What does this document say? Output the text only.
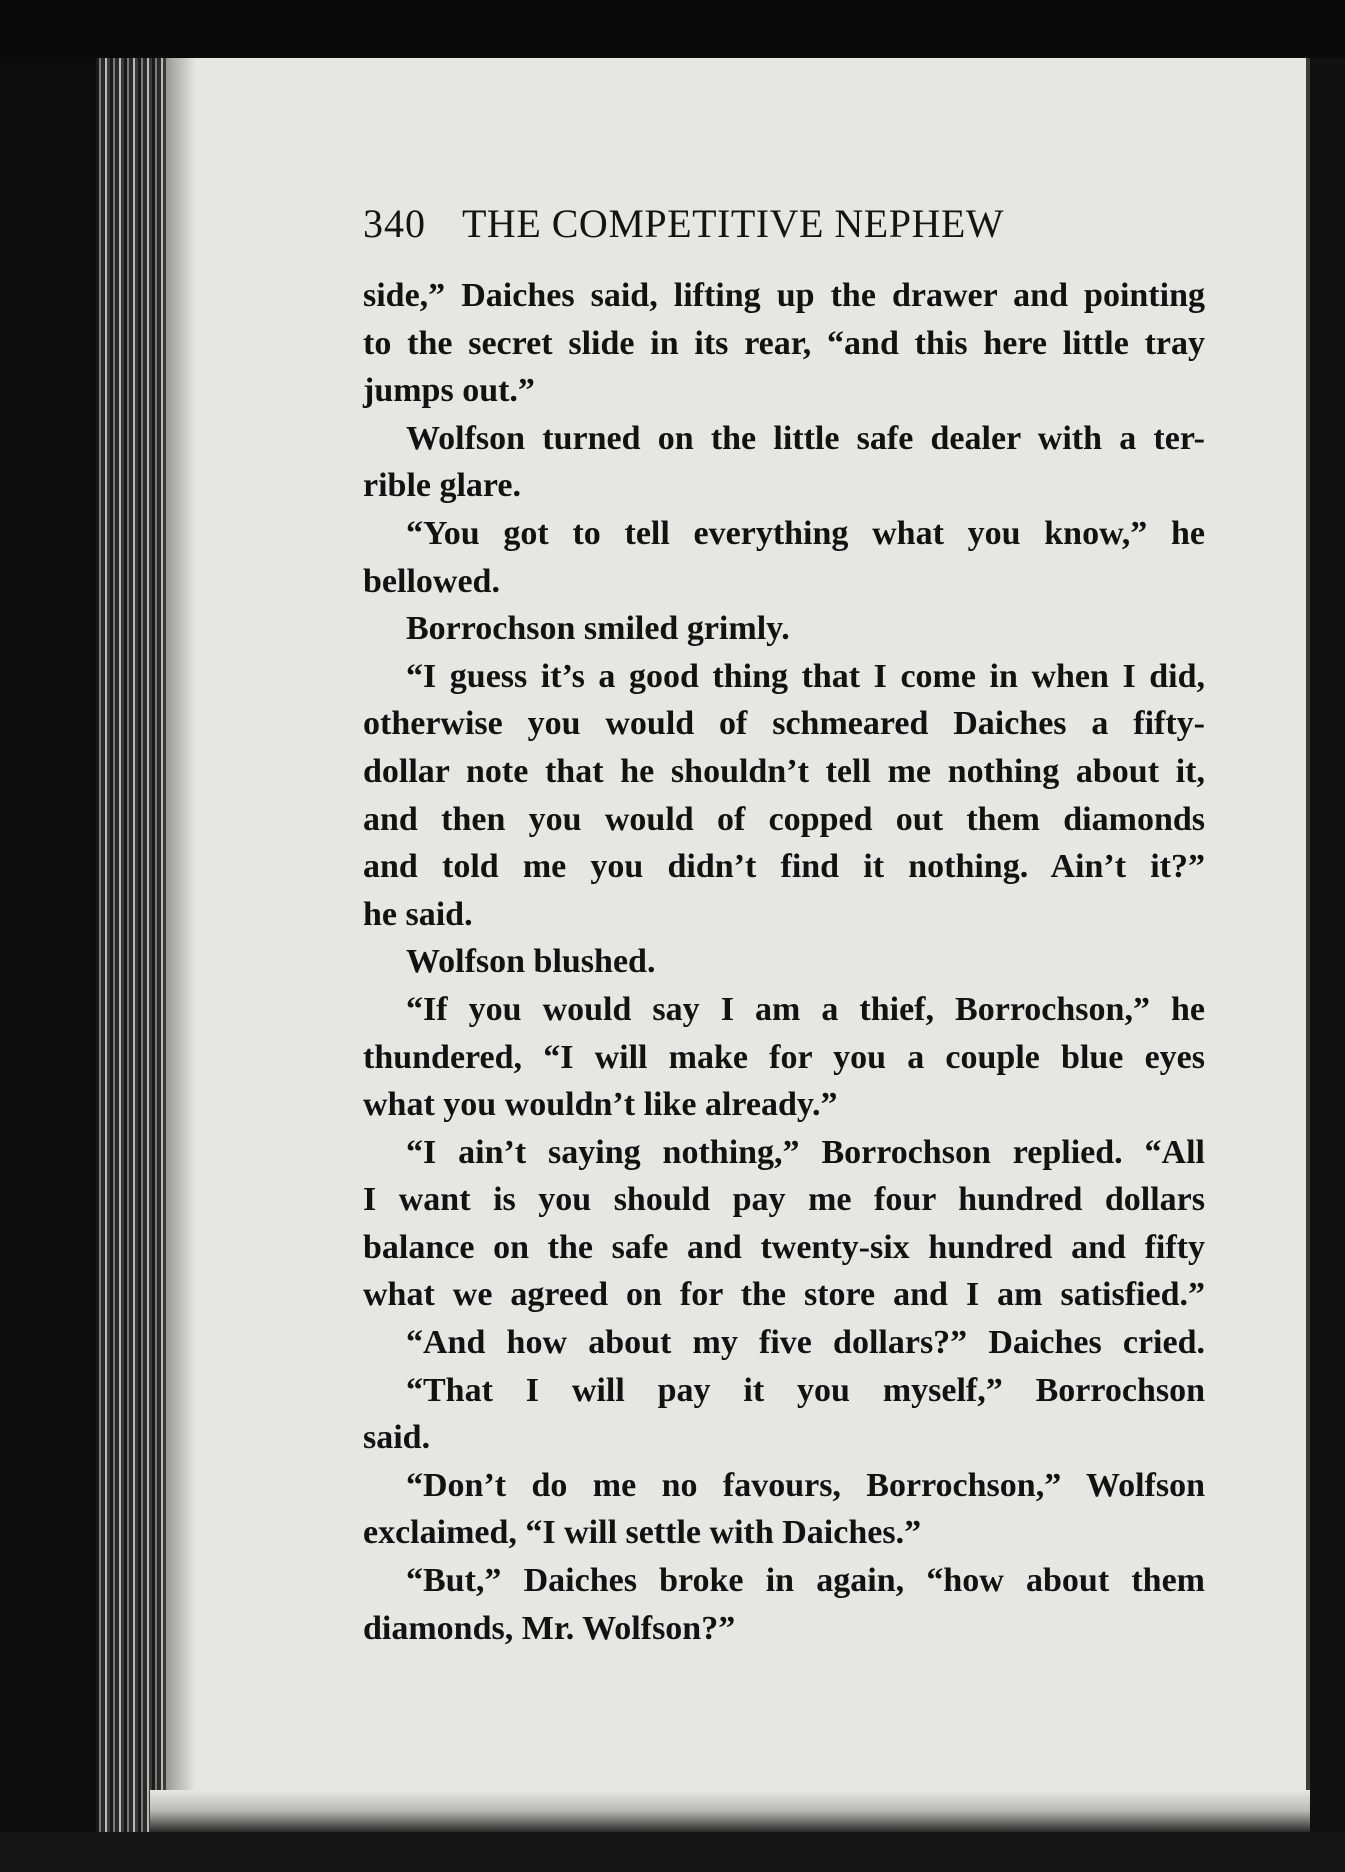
340 THE COMPETITIVE NEPHEW
side,” Daiches said, lifting up the drawer and pointing
to the secret slide in its rear, “and this here little tray
jumps out.”
Wolfson turned on the little safe dealer with a ter-
rible glare.
“You got to tell everything what you know,” he
bellowed.
Borrochson smiled grimly.
“I guess it’s a good thing that I come in when I did,
otherwise you would of schmeared Daiches a fifty-
dollar note that he shouldn’t tell me nothing about it,
and then you would of copped out them diamonds
and told me you didn’t find it nothing. Ain’t it?”
he said.
Wolfson blushed.
“If you would say I am a thief, Borrochson,” he
thundered, “I will make for you a couple blue eyes
what you wouldn’t like already.”
“I ain’t saying nothing,” Borrochson replied. “All
I want is you should pay me four hundred dollars
balance on the safe and twenty-six hundred and fifty
what we agreed on for the store and I am satisfied.”
“And how about my five dollars?” Daiches cried.
“That I will pay it you myself,” Borrochson
said.
“Don’t do me no favours, Borrochson,” Wolfson
exclaimed, “I will settle with Daiches.”
“But,” Daiches broke in again, “how about them
diamonds, Mr. Wolfson?”
